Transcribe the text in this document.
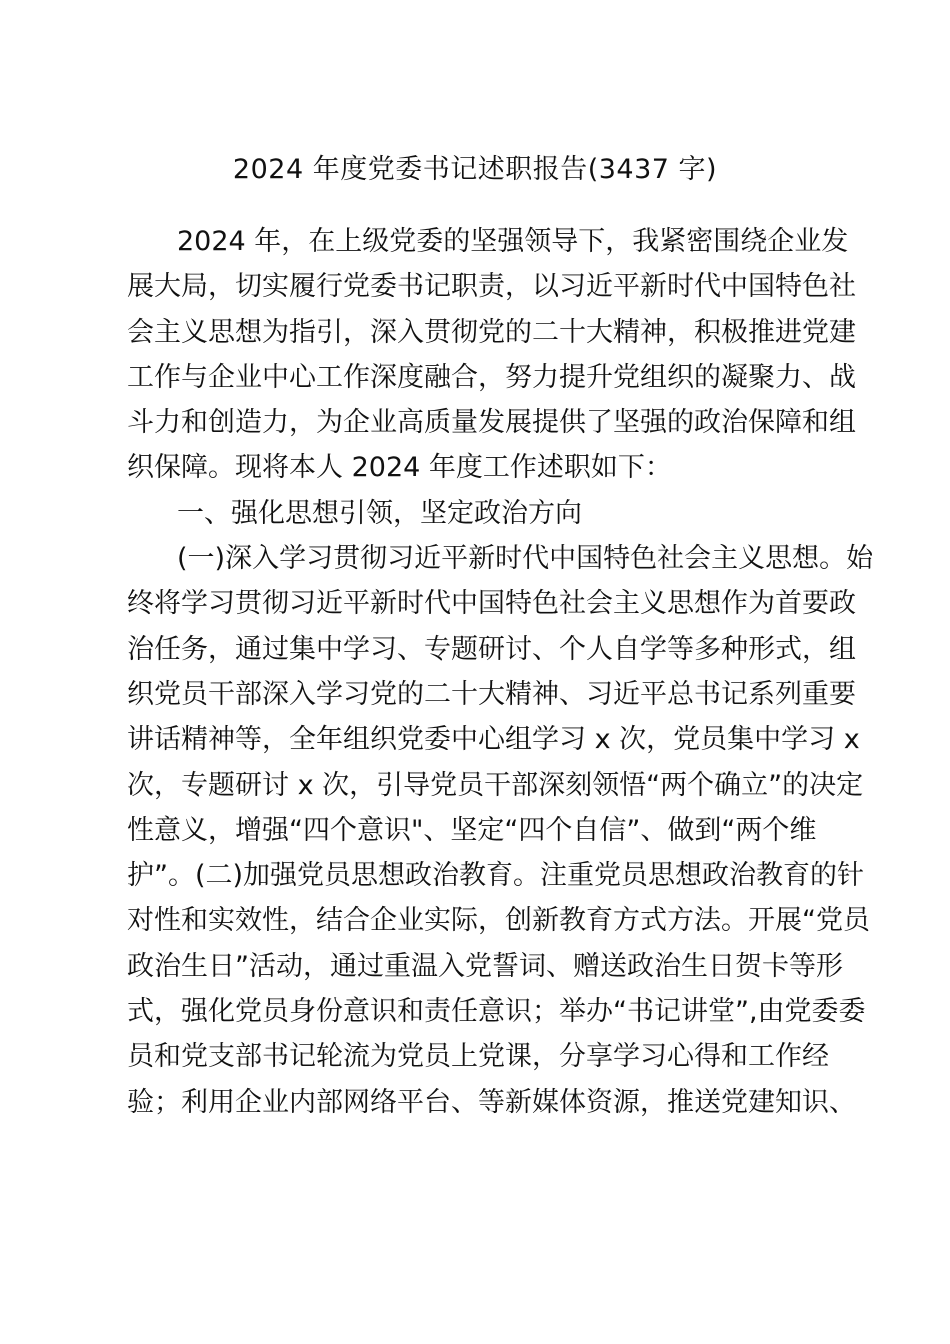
2024 年度党委书记述职报告(3437 字)
2024 年，在上级党委的坚强领导下，我紧密围绕企业发
展大局，切实履行党委书记职责，以习近平新时代中国特色社
会主义思想为指引，深入贯彻党的二十大精神，积极推进党建
工作与企业中心工作深度融合，努力提升党组织的凝聚力、战
斗力和创造力，为企业高质量发展提供了坚强的政治保障和组
织保障。现将本人 2024 年度工作述职如下：
一、强化思想引领，坚定政治方向
(一)深入学习贯彻习近平新时代中国特色社会主义思想。始
终将学习贯彻习近平新时代中国特色社会主义思想作为首要政
治任务，通过集中学习、专题研讨、个人自学等多种形式，组
织党员干部深入学习党的二十大精神、习近平总书记系列重要
讲话精神等，全年组织党委中心组学习 x 次，党员集中学习 x
次，专题研讨 x 次，引导党员干部深刻领悟“两个确立”的决定
性意义，增强“四个意识"、坚定“四个自信”、做到“两个维
护”。(二)加强党员思想政治教育。注重党员思想政治教育的针
对性和实效性，结合企业实际，创新教育方式方法。开展“党员
政治生日”活动，通过重温入党誓词、赠送政治生日贺卡等形
式，强化党员身份意识和责任意识；举办“书记讲堂”,由党委委
员和党支部书记轮流为党员上党课，分享学习心得和工作经
验；利用企业内部网络平台、等新媒体资源，推送党建知识、
